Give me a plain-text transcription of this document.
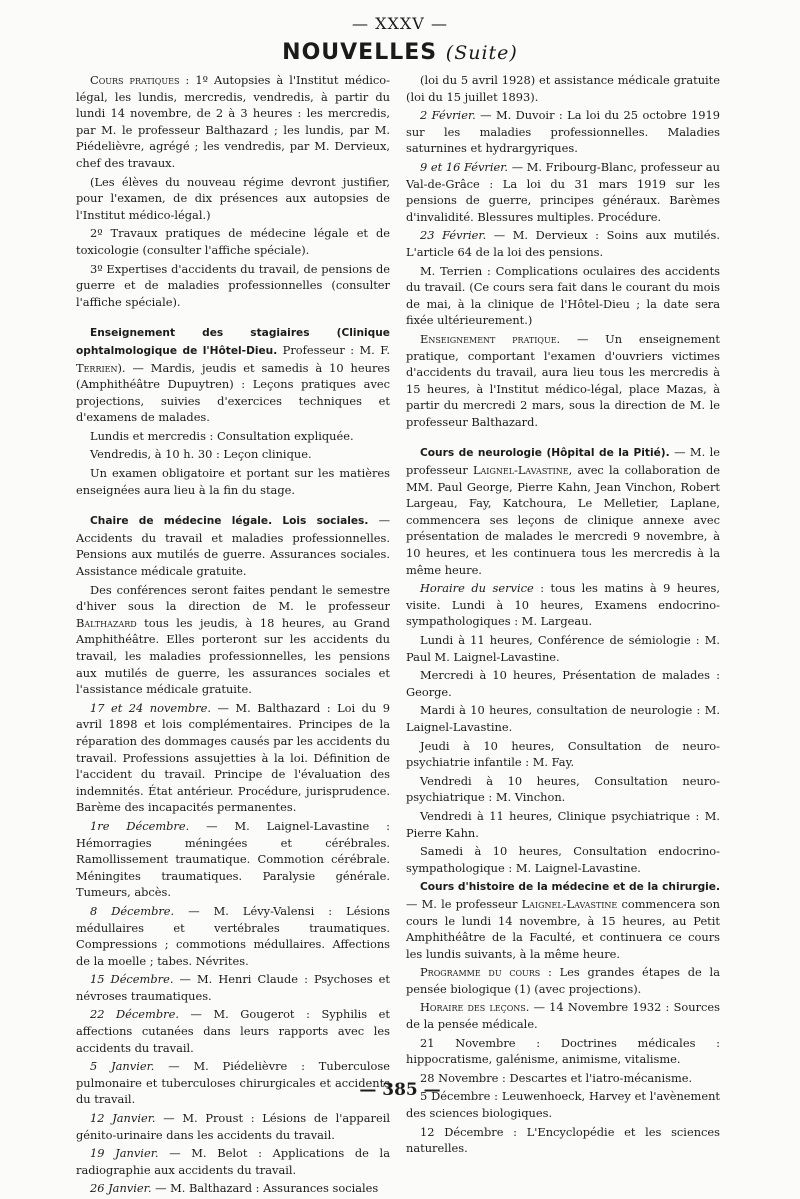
— XXXV —
NOUVELLES (Suite)

Cours pratiques : 1º Autopsies à l'Institut médico-légal, les lundis, mercredis, vendredis, à partir du lundi 14 novembre, de 2 à 3 heures : les mercredis, par M. le professeur Balthazard ; les lundis, par M. Piédelièvre, agrégé ; les vendredis, par M. Dervieux, chef des travaux.

(Les élèves du nouveau régime devront justifier, pour l'examen, de dix présences aux autopsies de l'Institut médico-légal.)

2º Travaux pratiques de médecine légale et de toxicologie (consulter l'affiche spéciale).

3º Expertises d'accidents du travail, de pensions de guerre et de maladies professionnelles (consulter l'affiche spéciale).

Enseignement des stagiaires (Clinique ophtalmologique de l'Hôtel-Dieu. Professeur : M. F. Terrien). — Mardis, jeudis et samedis à 10 heures (Amphithéâtre Dupuytren) : Leçons pratiques avec projections, suivies d'exercices techniques et d'examens de malades.

Lundis et mercredis : Consultation expliquée.

Vendredis, à 10 h. 30 : Leçon clinique.

Un examen obligatoire et portant sur les matières enseignées aura lieu à la fin du stage.

Chaire de médecine légale. Lois sociales. — Accidents du travail et maladies professionnelles. Pensions aux mutilés de guerre. Assurances sociales. Assistance médicale gratuite.

Des conférences seront faites pendant le semestre d'hiver sous la direction de M. le professeur Balthazard tous les jeudis, à 18 heures, au Grand Amphithéâtre. Elles porteront sur les accidents du travail, les maladies professionnelles, les pensions aux mutilés de guerre, les assurances sociales et l'assistance médicale gratuite.

17 et 24 novembre. — M. Balthazard : Loi du 9 avril 1898 et lois complémentaires. Principes de la réparation des dommages causés par les accidents du travail. Professions assujetties à la loi. Définition de l'accident du travail. Principe de l'évaluation des indemnités. État antérieur. Procédure, jurisprudence. Barème des incapacités permanentes.

1re Décembre. — M. Laignel-Lavastine : Hémorragies méningées et cérébrales. Ramollissement traumatique. Commotion cérébrale. Méningites traumatiques. Paralysie générale. Tumeurs, abcès.

8 Décembre. — M. Lévy-Valensi : Lésions médullaires et vertébrales traumatiques. Compressions ; commotions médullaires. Affections de la moelle ; tabes. Névrites.

15 Décembre. — M. Henri Claude : Psychoses et névroses traumatiques.

22 Décembre. — M. Gougerot : Syphilis et affections cutanées dans leurs rapports avec les accidents du travail.

5 Janvier. — M. Piédelièvre : Tuberculose pulmonaire et tuberculoses chirurgicales et accidents du travail.

12 Janvier. — M. Proust : Lésions de l'appareil génito-urinaire dans les accidents du travail.

19 Janvier. — M. Belot : Applications de la radiographie aux accidents du travail.

26 Janvier. — M. Balthazard : Assurances sociales

(loi du 5 avril 1928) et assistance médicale gratuite (loi du 15 juillet 1893).

2 Février. — M. Duvoir : La loi du 25 octobre 1919 sur les maladies professionnelles. Maladies saturnines et hydrargyriques.

9 et 16 Février. — M. Fribourg-Blanc, professeur au Val-de-Grâce : La loi du 31 mars 1919 sur les pensions de guerre, principes généraux. Barèmes d'invalidité. Blessures multiples. Procédure.

23 Février. — M. Dervieux : Soins aux mutilés. L'article 64 de la loi des pensions.

M. Terrien : Complications oculaires des accidents du travail. (Ce cours sera fait dans le courant du mois de mai, à la clinique de l'Hôtel-Dieu ; la date sera fixée ultérieurement.)

Enseignement pratique. — Un enseignement pratique, comportant l'examen d'ouvriers victimes d'accidents du travail, aura lieu tous les mercredis à 15 heures, à l'Institut médico-légal, place Mazas, à partir du mercredi 2 mars, sous la direction de M. le professeur Balthazard.

Cours de neurologie (Hôpital de la Pitié). — M. le professeur Laignel-Lavastine, avec la collaboration de MM. Paul George, Pierre Kahn, Jean Vinchon, Robert Largeau, Fay, Katchoura, Le Melletier, Laplane, commencera ses leçons de clinique annexe avec présentation de malades le mercredi 9 novembre, à 10 heures, et les continuera tous les mercredis à la même heure.

Horaire du service : tous les matins à 9 heures, visite. Lundi à 10 heures, Examens endocrino-sympathologiques : M. Largeau.

Lundi à 11 heures, Conférence de sémiologie : M. Paul M. Laignel-Lavastine.

Mercredi à 10 heures, Présentation de malades : George.

Mardi à 10 heures, consultation de neurologie : M. Laignel-Lavastine.

Jeudi à 10 heures, Consultation de neuro-psychiatrie infantile : M. Fay.

Vendredi à 10 heures, Consultation neuro-psychiatrique : M. Vinchon.

Vendredi à 11 heures, Clinique psychiatrique : M. Pierre Kahn.

Samedi à 10 heures, Consultation endocrino-sympathologique : M. Laignel-Lavastine.

Cours d'histoire de la médecine et de la chirurgie. — M. le professeur Laignel-Lavastine commencera son cours le lundi 14 novembre, à 15 heures, au Petit Amphithéâtre de la Faculté, et continuera ce cours les lundis suivants, à la même heure.

Programme du cours : Les grandes étapes de la pensée biologique (1) (avec projections).

Horaire des leçons. — 14 Novembre 1932 : Sources de la pensée médicale.

21 Novembre : Doctrines médicales : hippocratisme, galénisme, animisme, vitalisme.

28 Novembre : Descartes et l'iatro-mécanisme.

5 Décembre : Leuwenhoeck, Harvey et l'avènement des sciences biologiques.

12 Décembre : L'Encyclopédie et les sciences naturelles.

— 385 —
